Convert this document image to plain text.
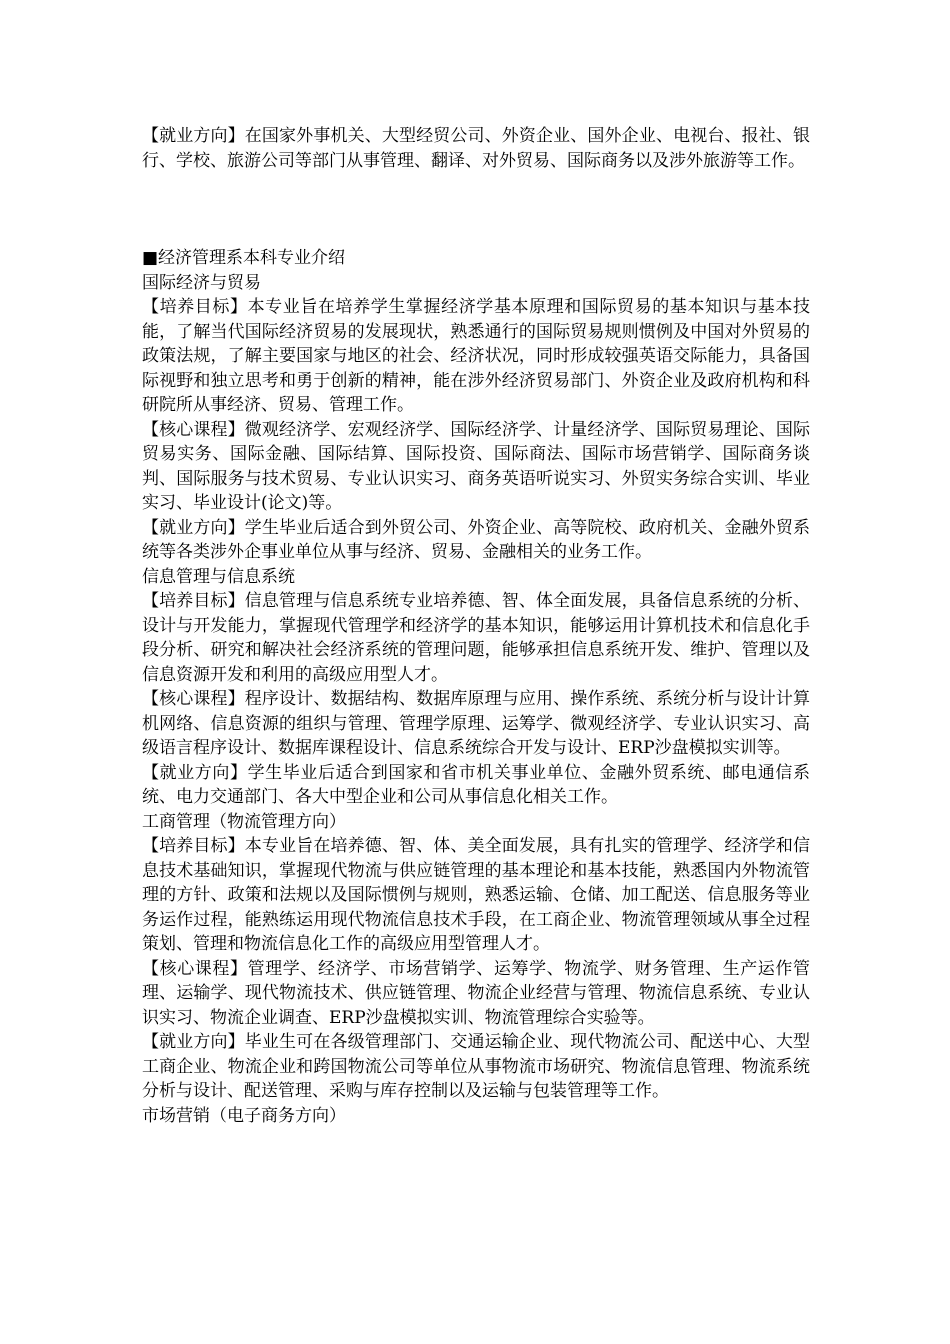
【就业方向】在国家外事机关、大型经贸公司、外资企业、国外企业、电视台、报社、银行、学校、旅游公司等部门从事管理、翻译、对外贸易、国际商务以及涉外旅游等工作。

■经济管理系本科专业介绍

国际经济与贸易

【培养目标】本专业旨在培养学生掌握经济学基本原理和国际贸易的基本知识与基本技能，了解当代国际经济贸易的发展现状，熟悉通行的国际贸易规则惯例及中国对外贸易的政策法规，了解主要国家与地区的社会、经济状况，同时形成较强英语交际能力，具备国际视野和独立思考和勇于创新的精神，能在涉外经济贸易部门、外资企业及政府机构和科研院所从事经济、贸易、管理工作。

【核心课程】微观经济学、宏观经济学、国际经济学、计量经济学、国际贸易理论、国际贸易实务、国际金融、国际结算、国际投资、国际商法、国际市场营销学、国际商务谈判、国际服务与技术贸易、专业认识实习、商务英语听说实习、外贸实务综合实训、毕业实习、毕业设计(论文)等。

【就业方向】学生毕业后适合到外贸公司、外资企业、高等院校、政府机关、金融外贸系统等各类涉外企事业单位从事与经济、贸易、金融相关的业务工作。

信息管理与信息系统

【培养目标】信息管理与信息系统专业培养德、智、体全面发展，具备信息系统的分析、设计与开发能力，掌握现代管理学和经济学的基本知识，能够运用计算机技术和信息化手段分析、研究和解决社会经济系统的管理问题，能够承担信息系统开发、维护、管理以及信息资源开发和利用的高级应用型人才。

【核心课程】程序设计、数据结构、数据库原理与应用、操作系统、系统分析与设计计算机网络、信息资源的组织与管理、管理学原理、运筹学、微观经济学、专业认识实习、高级语言程序设计、数据库课程设计、信息系统综合开发与设计、ERP沙盘模拟实训等。

【就业方向】学生毕业后适合到国家和省市机关事业单位、金融外贸系统、邮电通信系统、电力交通部门、各大中型企业和公司从事信息化相关工作。

工商管理（物流管理方向）

【培养目标】本专业旨在培养德、智、体、美全面发展，具有扎实的管理学、经济学和信息技术基础知识，掌握现代物流与供应链管理的基本理论和基本技能，熟悉国内外物流管理的方针、政策和法规以及国际惯例与规则，熟悉运输、仓储、加工配送、信息服务等业务运作过程，能熟练运用现代物流信息技术手段，在工商企业、物流管理领域从事全过程策划、管理和物流信息化工作的高级应用型管理人才。

【核心课程】管理学、经济学、市场营销学、运筹学、物流学、财务管理、生产运作管理、运输学、现代物流技术、供应链管理、物流企业经营与管理、物流信息系统、专业认识实习、物流企业调查、ERP沙盘模拟实训、物流管理综合实验等。

【就业方向】毕业生可在各级管理部门、交通运输企业、现代物流公司、配送中心、大型工商企业、物流企业和跨国物流公司等单位从事物流市场研究、物流信息管理、物流系统分析与设计、配送管理、采购与库存控制以及运输与包装管理等工作。

市场营销（电子商务方向）
